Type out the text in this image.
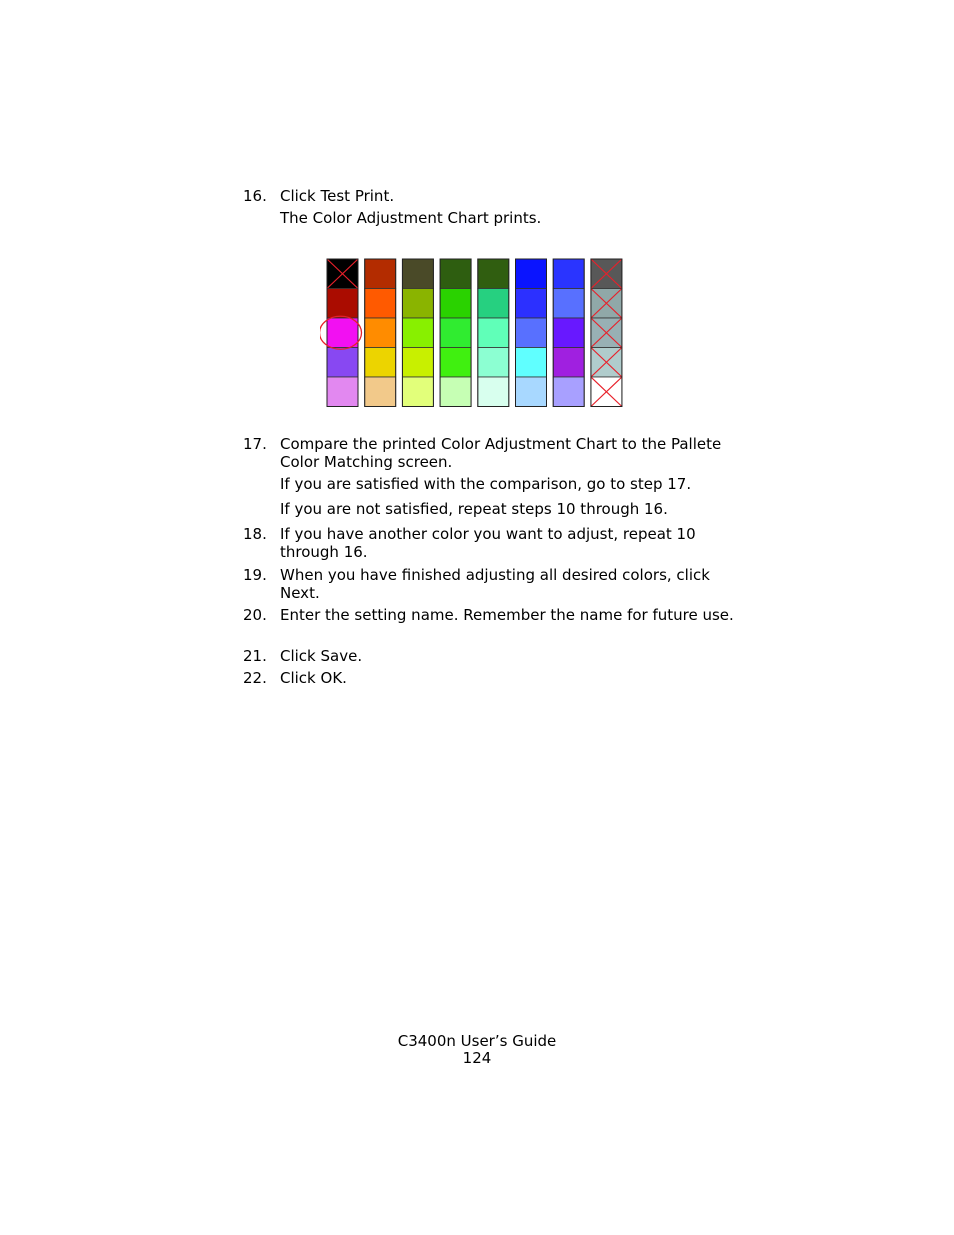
16. Click Test Print.
The Color Adjustment Chart prints.
17. Compare the printed Color Adjustment Chart to the Pallete Color Matching screen.
If you are satisfied with the comparison, go to step 17.
If you are not satisfied, repeat steps 10 through 16.
18. If you have another color you want to adjust, repeat 10 through 16.
19. When you have finished adjusting all desired colors, click Next.
20. Enter the setting name. Remember the name for future use.
21. Click Save.
22. Click OK.
C3400n User’s Guide
124
